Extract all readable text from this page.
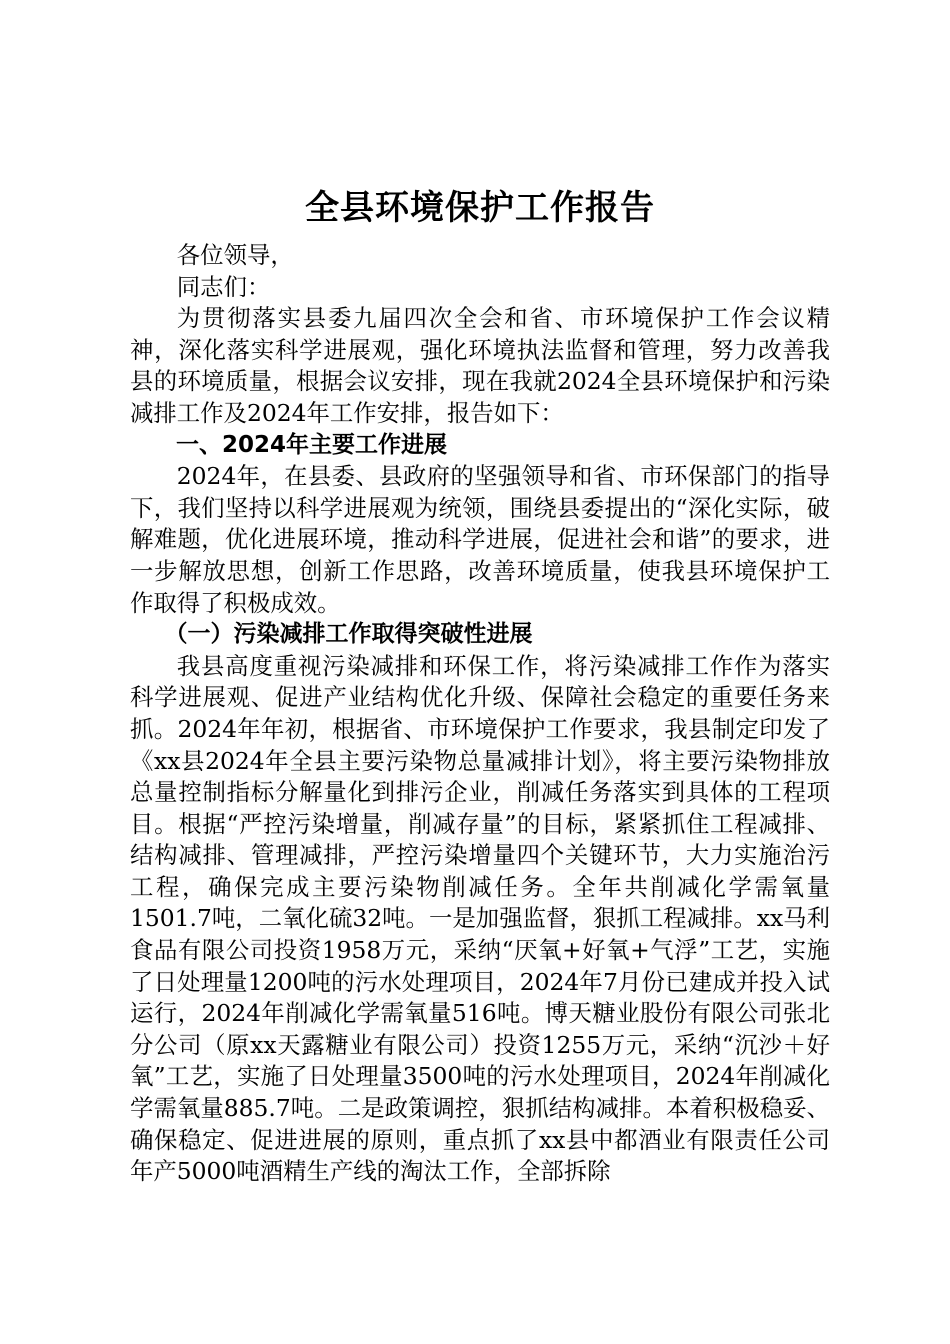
全县环境保护工作报告

各位领导，

同志们：

为贯彻落实县委九届四次全会和省、市环境保护工作会议精神，深化落实科学进展观，强化环境执法监督和管理，努力改善我县的环境质量，根据会议安排，现在我就2024全县环境保护和污染减排工作及2024年工作安排，报告如下：

一、2024年主要工作进展

2024年，在县委、县政府的坚强领导和省、市环保部门的指导下，我们坚持以科学进展观为统领，围绕县委提出的“深化实际，破解难题，优化进展环境，推动科学进展，促进社会和谐”的要求，进一步解放思想，创新工作思路，改善环境质量，使我县环境保护工作取得了积极成效。

（一）污染减排工作取得突破性进展

我县高度重视污染减排和环保工作，将污染减排工作作为落实科学进展观、促进产业结构优化升级、保障社会稳定的重要任务来抓。2024年年初，根据省、市环境保护工作要求，我县制定印发了《xx县2024年全县主要污染物总量减排计划》，将主要污染物排放总量控制指标分解量化到排污企业，削减任务落实到具体的工程项目。根据“严控污染增量，削减存量”的目标，紧紧抓住工程减排、结构减排、管理减排，严控污染增量四个关键环节，大力实施治污工程，确保完成主要污染物削减任务。全年共削减化学需氧量1501.7吨，二氧化硫32吨。一是加强监督，狠抓工程减排。xx马利食品有限公司投资1958万元，采纳“厌氧+好氧+气浮”工艺，实施了日处理量1200吨的污水处理项目，2024年7月份已建成并投入试运行，2024年削减化学需氧量516吨。博天糖业股份有限公司张北分公司（原xx天露糖业有限公司）投资1255万元，采纳“沉沙＋好氧”工艺，实施了日处理量3500吨的污水处理项目，2024年削减化学需氧量885.7吨。二是政策调控，狠抓结构减排。本着积极稳妥、确保稳定、促进进展的原则，重点抓了xx县中都酒业有限责任公司年产5000吨酒精生产线的淘汰工作，全部拆除
